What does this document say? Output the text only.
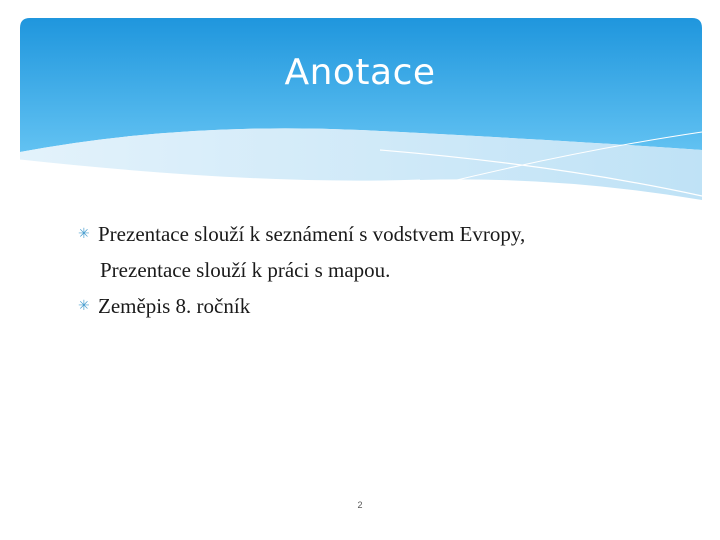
Anotace
✳ Prezentace slouží k seznámení s vodstvem Evropy,
Prezentace slouží k práci s mapou.
✳ Zeměpis 8. ročník
2
